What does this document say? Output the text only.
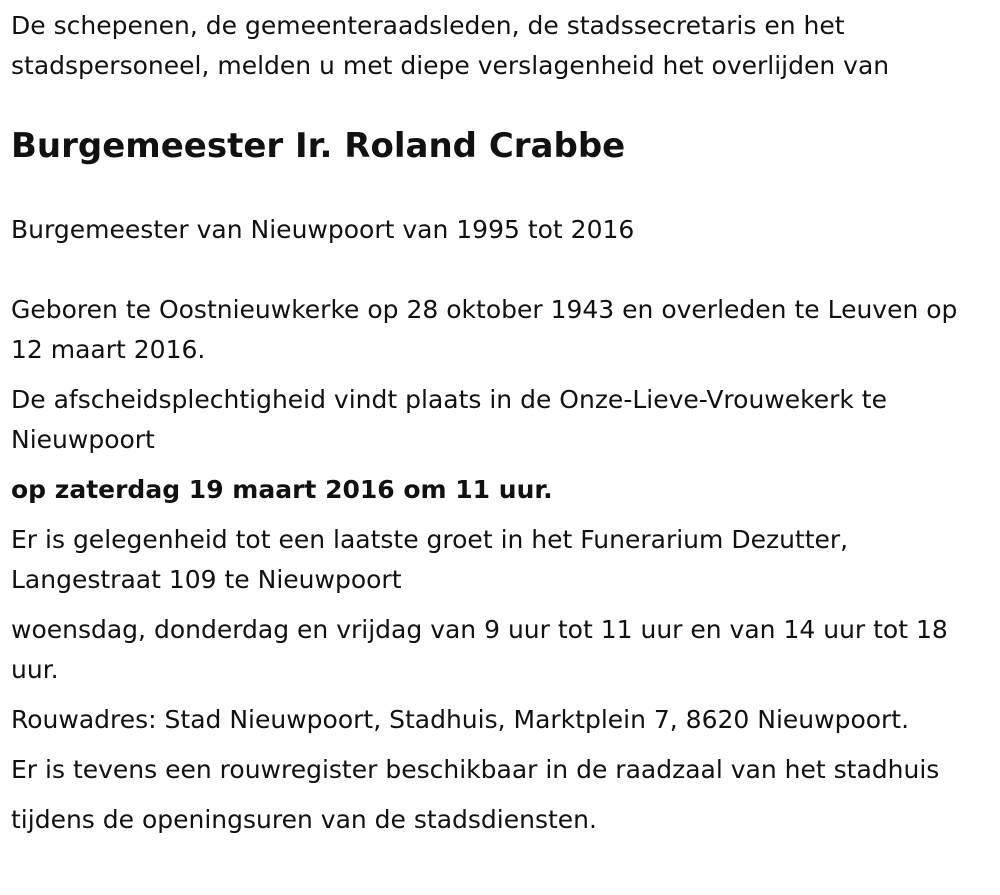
De schepenen, de gemeenteraadsleden, de stadssecretaris en het stadspersoneel, melden u met diepe verslagenheid het overlijden van

Burgemeester Ir. Roland Crabbe

Burgemeester van Nieuwpoort van 1995 tot 2016

Geboren te Oostnieuwkerke op 28 oktober 1943 en overleden te Leuven op 12 maart 2016.

De afscheidsplechtigheid vindt plaats in de Onze-Lieve-Vrouwekerk te Nieuwpoort

op zaterdag 19 maart 2016 om 11 uur.

Er is gelegenheid tot een laatste groet in het Funerarium Dezutter, Langestraat 109 te Nieuwpoort

woensdag, donderdag en vrijdag van 9 uur tot 11 uur en van 14 uur tot 18 uur.

Rouwadres: Stad Nieuwpoort, Stadhuis, Marktplein 7, 8620 Nieuwpoort.

Er is tevens een rouwregister beschikbaar in de raadzaal van het stadhuis

tijdens de openingsuren van de stadsdiensten.
